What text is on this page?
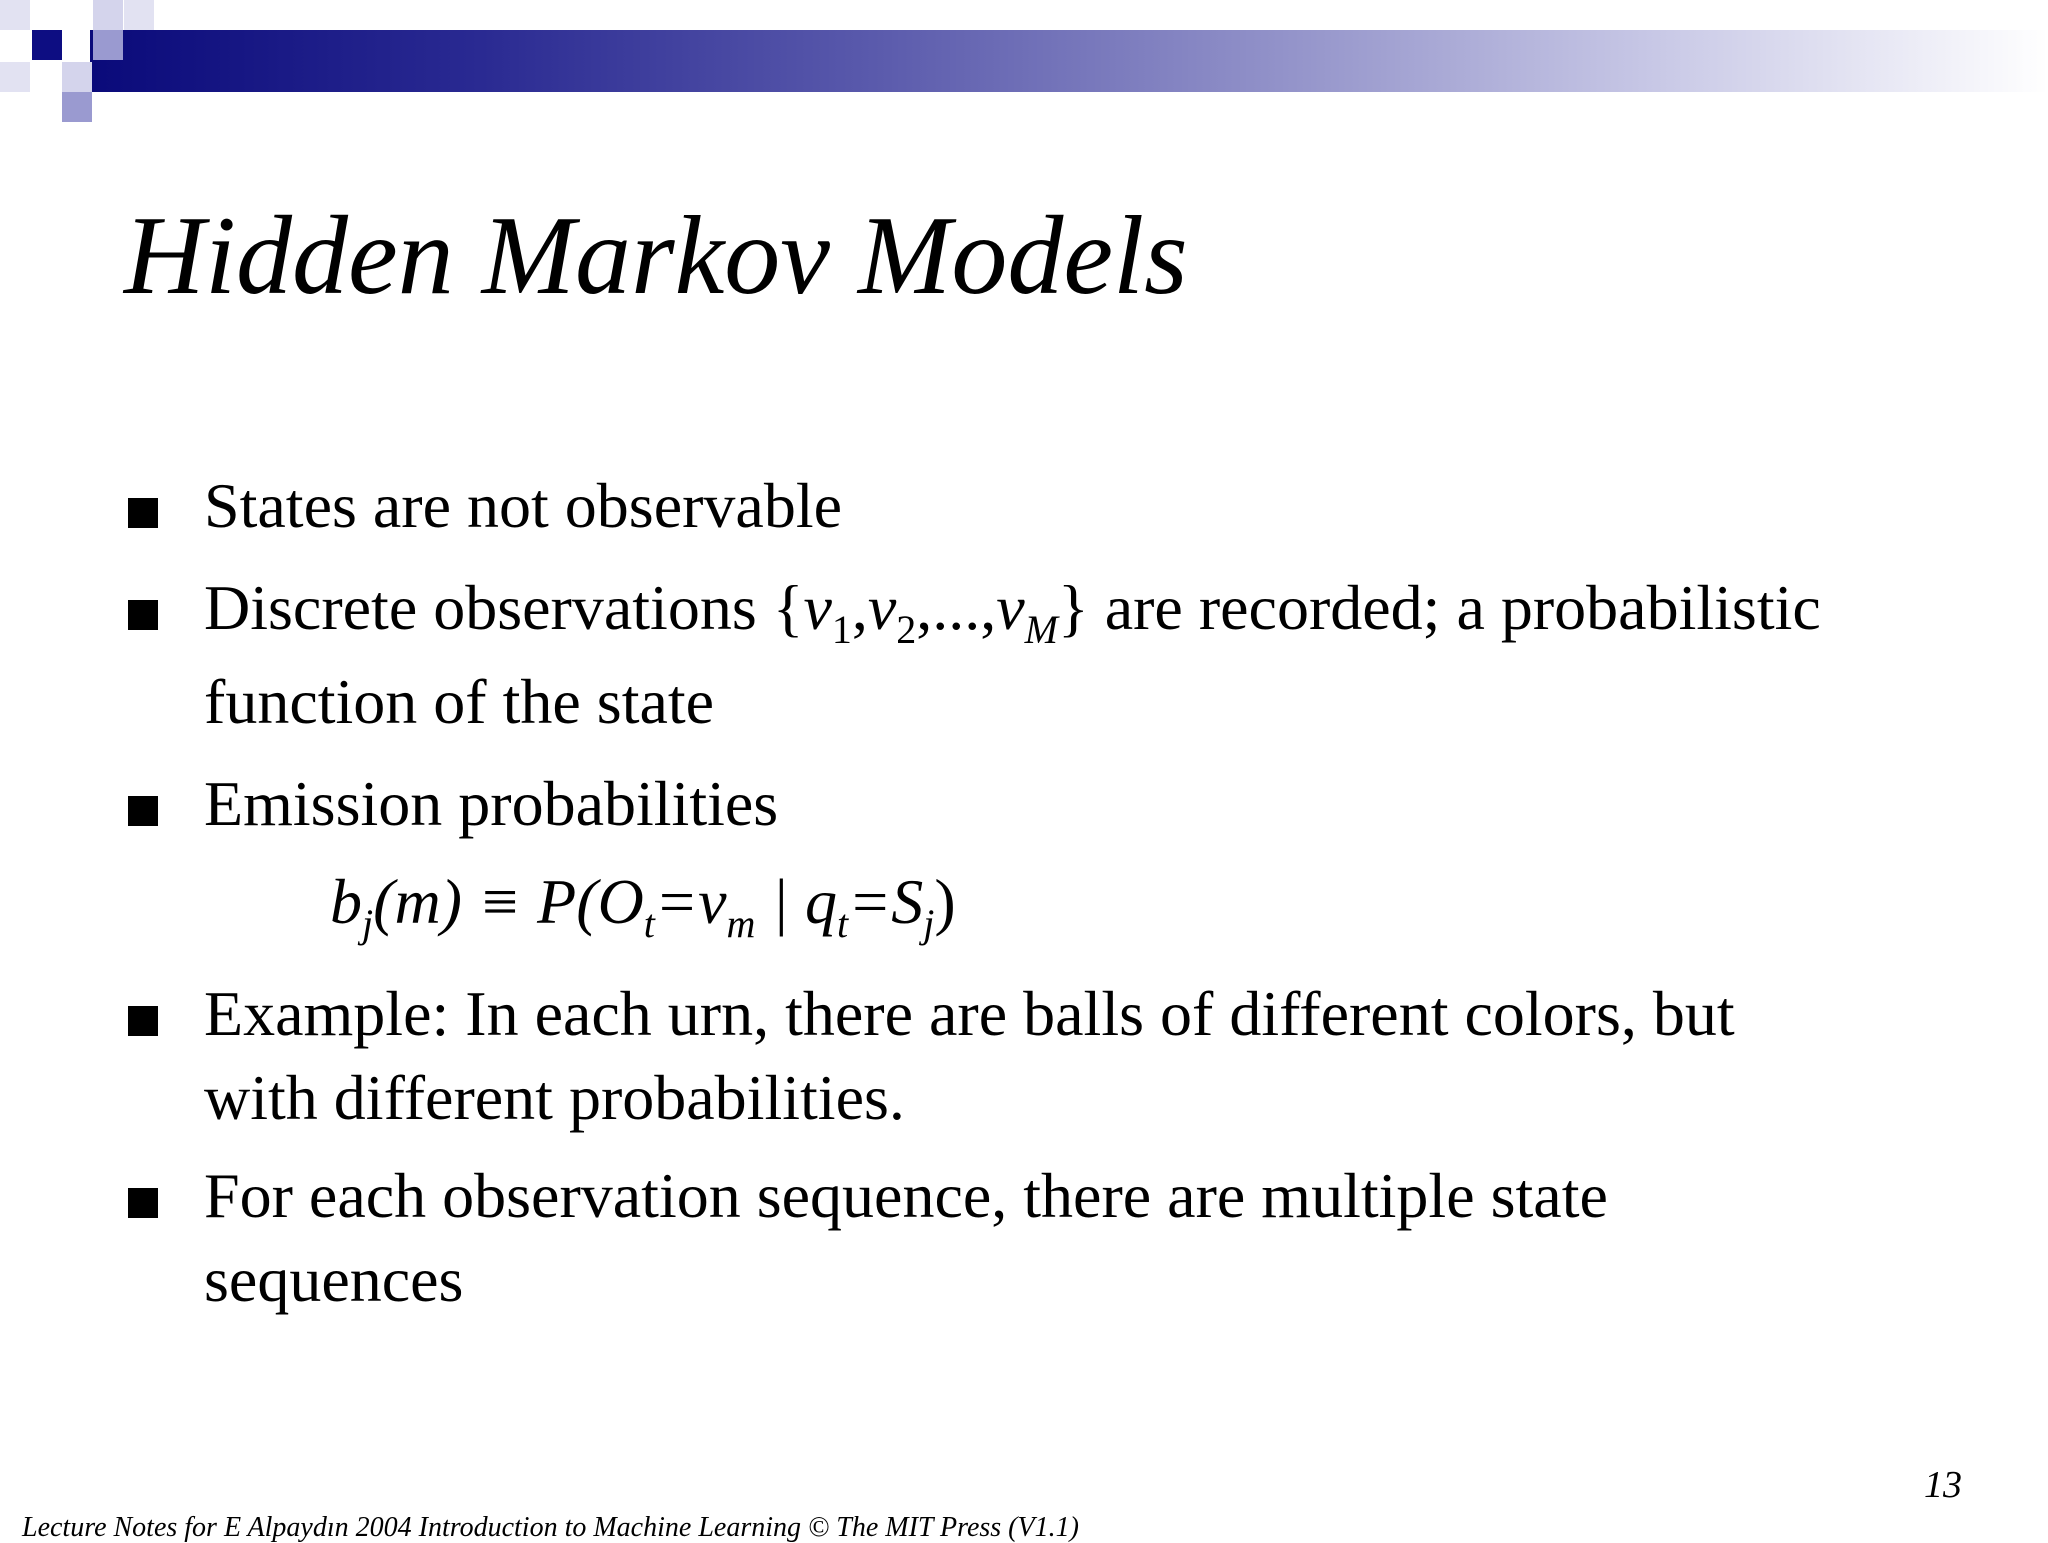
Hidden Markov Models
States are not observable
Discrete observations $\{v_1,v_2,...,v_M\}$ are recorded; a probabilistic
function of the state
Emission probabilities
Example: In each urn, there are balls of different colors, but
with different probabilities.
For each observation sequence, there are multiple state
sequences
$b_j(m) \equiv P(O_t=v_m$ | $q_t=S_j$)
13
Lecture Notes for E Alpaydın 2004 Introduction to Machine Learning © The MIT Press (V1.1)
